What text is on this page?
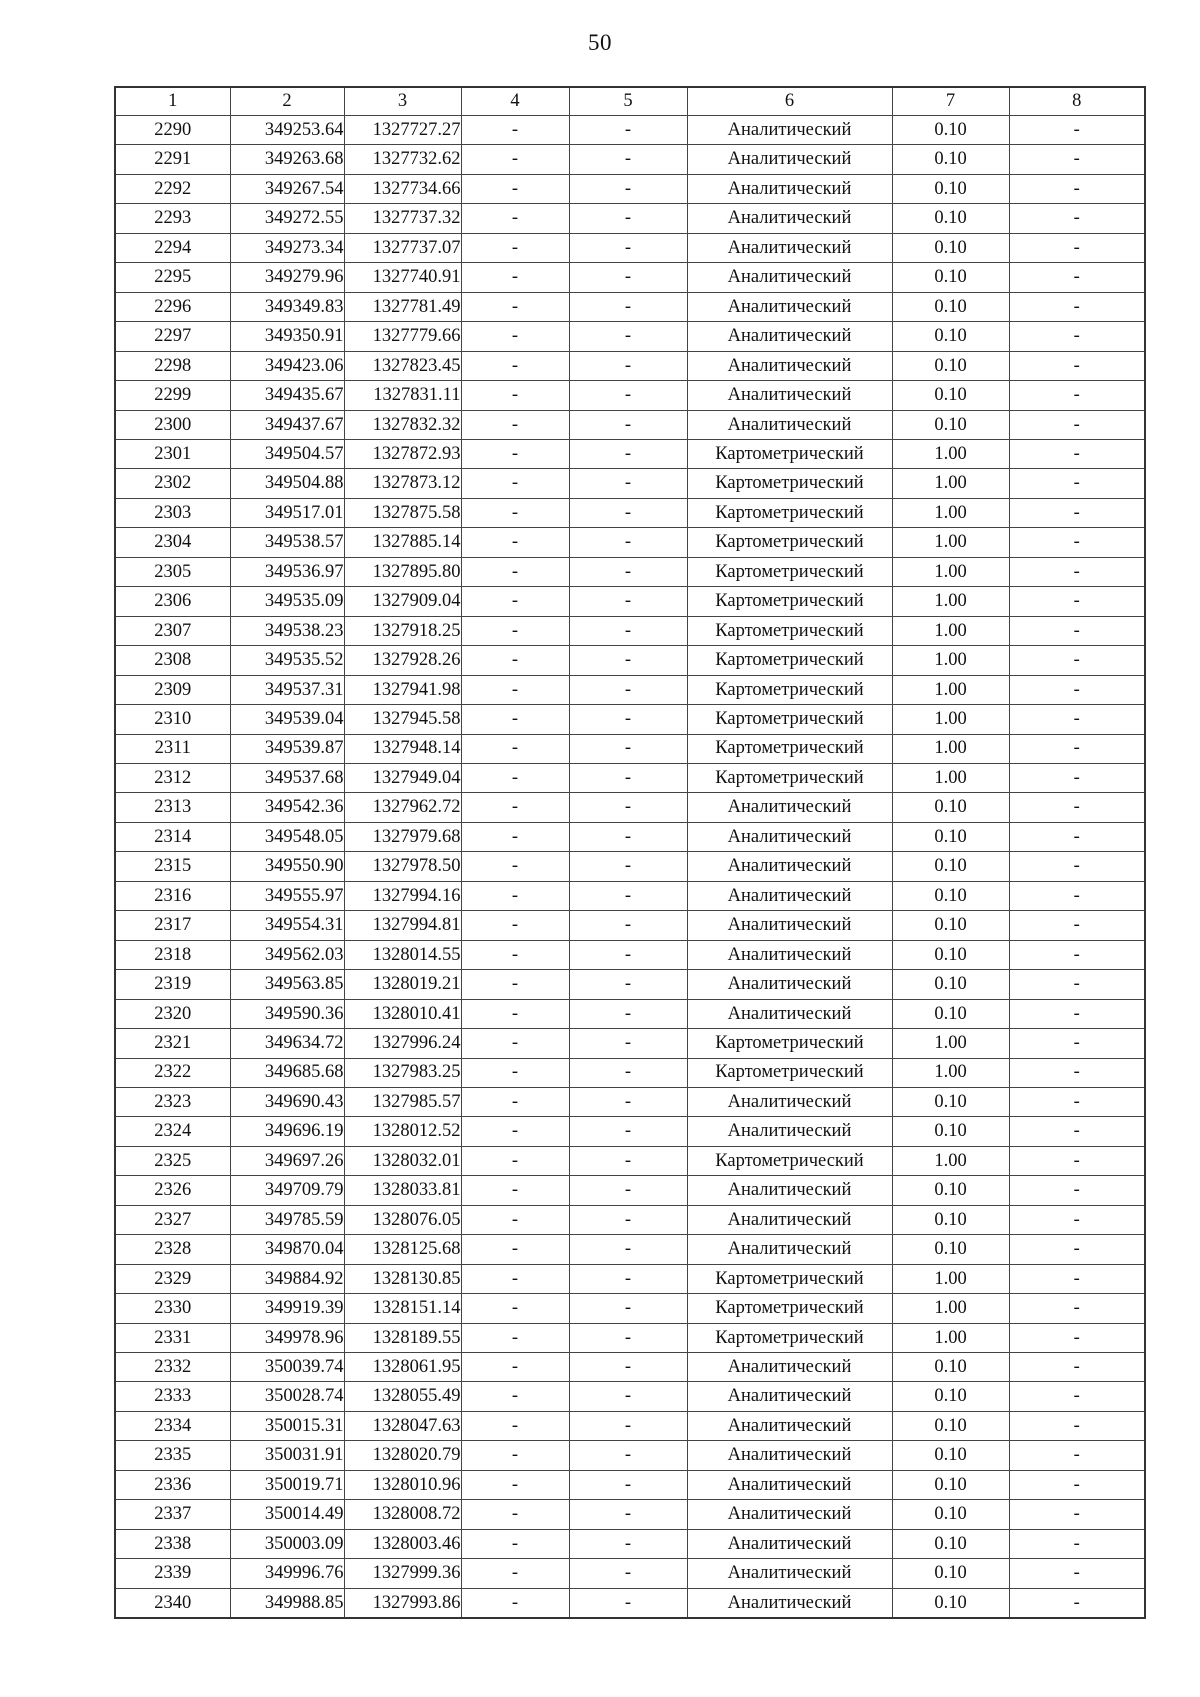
50
1	2	3	4	5	6	7	8
2290	349253.64	1327727.27	-	-	Аналитический	0.10	-
2291	349263.68	1327732.62	-	-	Аналитический	0.10	-
2292	349267.54	1327734.66	-	-	Аналитический	0.10	-
2293	349272.55	1327737.32	-	-	Аналитический	0.10	-
2294	349273.34	1327737.07	-	-	Аналитический	0.10	-
2295	349279.96	1327740.91	-	-	Аналитический	0.10	-
2296	349349.83	1327781.49	-	-	Аналитический	0.10	-
2297	349350.91	1327779.66	-	-	Аналитический	0.10	-
2298	349423.06	1327823.45	-	-	Аналитический	0.10	-
2299	349435.67	1327831.11	-	-	Аналитический	0.10	-
2300	349437.67	1327832.32	-	-	Аналитический	0.10	-
2301	349504.57	1327872.93	-	-	Картометрический	1.00	-
2302	349504.88	1327873.12	-	-	Картометрический	1.00	-
2303	349517.01	1327875.58	-	-	Картометрический	1.00	-
2304	349538.57	1327885.14	-	-	Картометрический	1.00	-
2305	349536.97	1327895.80	-	-	Картометрический	1.00	-
2306	349535.09	1327909.04	-	-	Картометрический	1.00	-
2307	349538.23	1327918.25	-	-	Картометрический	1.00	-
2308	349535.52	1327928.26	-	-	Картометрический	1.00	-
2309	349537.31	1327941.98	-	-	Картометрический	1.00	-
2310	349539.04	1327945.58	-	-	Картометрический	1.00	-
2311	349539.87	1327948.14	-	-	Картометрический	1.00	-
2312	349537.68	1327949.04	-	-	Картометрический	1.00	-
2313	349542.36	1327962.72	-	-	Аналитический	0.10	-
2314	349548.05	1327979.68	-	-	Аналитический	0.10	-
2315	349550.90	1327978.50	-	-	Аналитический	0.10	-
2316	349555.97	1327994.16	-	-	Аналитический	0.10	-
2317	349554.31	1327994.81	-	-	Аналитический	0.10	-
2318	349562.03	1328014.55	-	-	Аналитический	0.10	-
2319	349563.85	1328019.21	-	-	Аналитический	0.10	-
2320	349590.36	1328010.41	-	-	Аналитический	0.10	-
2321	349634.72	1327996.24	-	-	Картометрический	1.00	-
2322	349685.68	1327983.25	-	-	Картометрический	1.00	-
2323	349690.43	1327985.57	-	-	Аналитический	0.10	-
2324	349696.19	1328012.52	-	-	Аналитический	0.10	-
2325	349697.26	1328032.01	-	-	Картометрический	1.00	-
2326	349709.79	1328033.81	-	-	Аналитический	0.10	-
2327	349785.59	1328076.05	-	-	Аналитический	0.10	-
2328	349870.04	1328125.68	-	-	Аналитический	0.10	-
2329	349884.92	1328130.85	-	-	Картометрический	1.00	-
2330	349919.39	1328151.14	-	-	Картометрический	1.00	-
2331	349978.96	1328189.55	-	-	Картометрический	1.00	-
2332	350039.74	1328061.95	-	-	Аналитический	0.10	-
2333	350028.74	1328055.49	-	-	Аналитический	0.10	-
2334	350015.31	1328047.63	-	-	Аналитический	0.10	-
2335	350031.91	1328020.79	-	-	Аналитический	0.10	-
2336	350019.71	1328010.96	-	-	Аналитический	0.10	-
2337	350014.49	1328008.72	-	-	Аналитический	0.10	-
2338	350003.09	1328003.46	-	-	Аналитический	0.10	-
2339	349996.76	1327999.36	-	-	Аналитический	0.10	-
2340	349988.85	1327993.86	-	-	Аналитический	0.10	-
